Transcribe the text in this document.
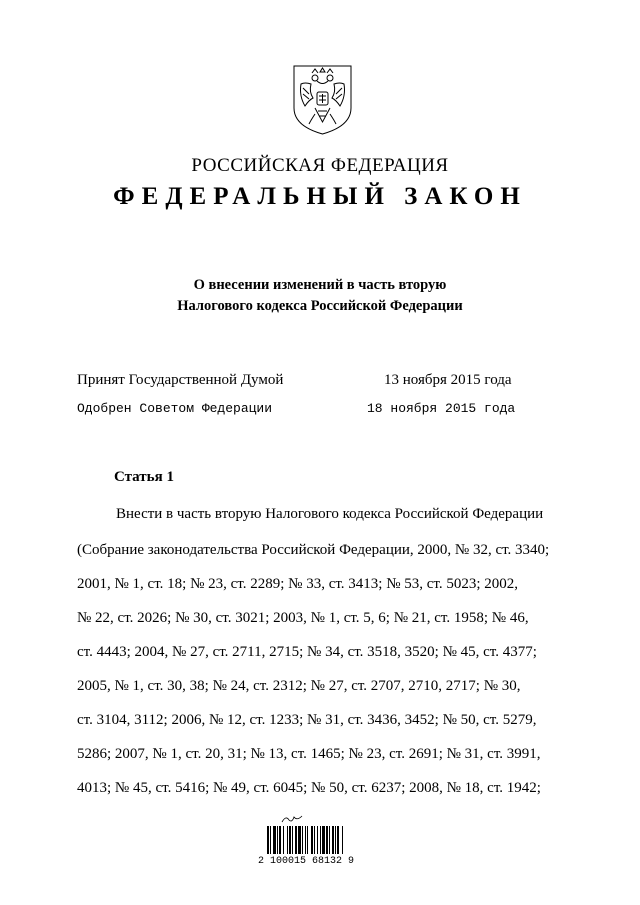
РОССИЙСКАЯ ФЕДЕРАЦИЯ
ФЕДЕРАЛЬНЫЙ ЗАКОН
О внесении изменений в часть вторую
Налогового кодекса Российской Федерации
Принят Государственной Думой	13 ноября 2015 года
Одобрен Советом Федерации	18 ноября 2015 года
Статья 1
Внести в часть вторую Налогового кодекса Российской Федерации
(Собрание законодательства Российской Федерации, 2000, № 32, ст. 3340;
2001, № 1, ст. 18; № 23, ст. 2289; № 33, ст. 3413; № 53, ст. 5023; 2002,
№ 22, ст. 2026; № 30, ст. 3021; 2003, № 1, ст. 5, 6; № 21, ст. 1958; № 46,
ст. 4443; 2004, № 27, ст. 2711, 2715; № 34, ст. 3518, 3520; № 45, ст. 4377;
2005, № 1, ст. 30, 38; № 24, ст. 2312; № 27, ст. 2707, 2710, 2717; № 30,
ст. 3104, 3112; 2006, № 12, ст. 1233; № 31, ст. 3436, 3452; № 50, ст. 5279,
5286; 2007, № 1, ст. 20, 31; № 13, ст. 1465; № 23, ст. 2691; № 31, ст. 3991,
4013; № 45, ст. 5416; № 49, ст. 6045; № 50, ст. 6237; 2008, № 18, ст. 1942;
2 100015 68132 9
